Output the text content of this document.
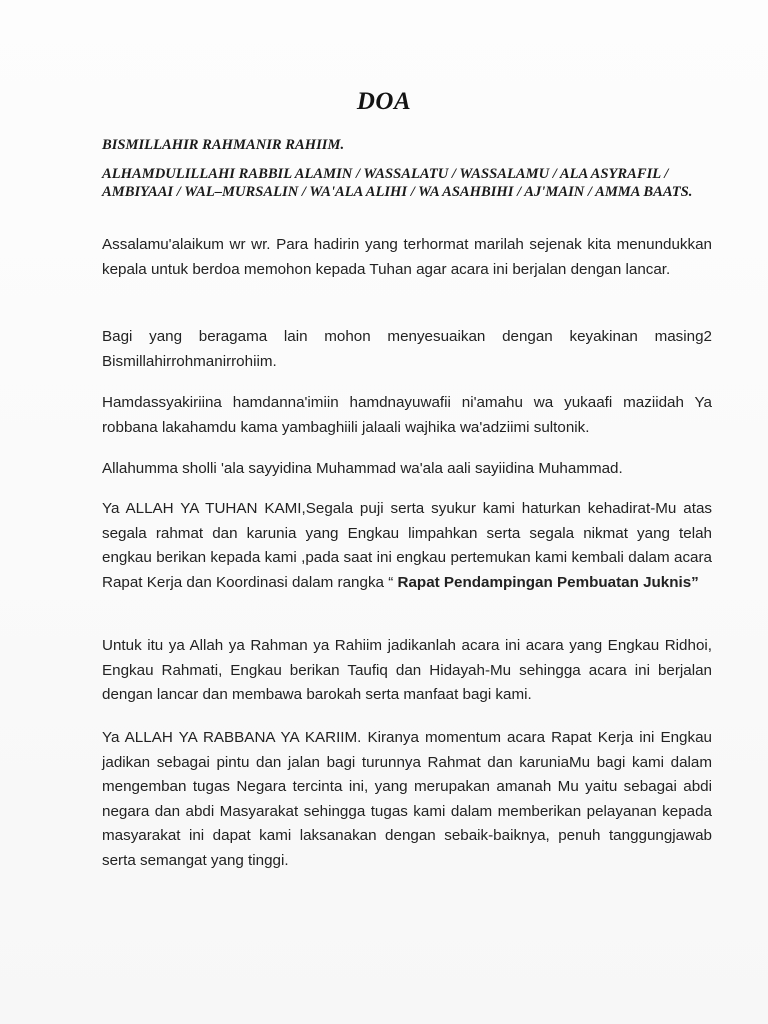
DOA
BISMILLAHIR RAHMANIR RAHIIM.
ALHAMDULILLAHI RABBIL ALAMIN / WASSALATU / WASSALAMU / ALA ASYRAFIL / AMBIYAAI / WAL–MURSALIN / WA'ALA ALIHI / WA ASAHBIHI / AJ'MAIN / AMMA BAATS.
Assalamu'alaikum wr wr. Para hadirin yang terhormat marilah sejenak kita menundukkan kepala untuk berdoa memohon kepada Tuhan agar acara ini berjalan dengan lancar.
Bagi yang beragama lain mohon menyesuaikan dengan keyakinan masing2 Bismillahirrohmanirrohiim.
Hamdassyakiriina hamdanna'imiin hamdnayuwafii ni'amahu wa yukaafi maziidah Ya robbana lakahamdu kama yambaghiili jalaali wajhika wa'adziimi sultonik.
Allahumma sholli 'ala sayyidina Muhammad wa'ala aali sayiidina Muhammad.
Ya ALLAH YA TUHAN KAMI,Segala puji serta syukur kami haturkan kehadirat-Mu atas segala rahmat dan karunia yang Engkau limpahkan serta segala nikmat yang telah engkau berikan kepada kami ,pada saat ini engkau pertemukan kami kembali dalam acara Rapat Kerja dan Koordinasi dalam rangka “ Rapat Pendampingan Pembuatan Juknis”
Untuk itu ya Allah ya Rahman ya Rahiim jadikanlah acara ini acara yang Engkau Ridhoi, Engkau Rahmati, Engkau berikan Taufiq dan Hidayah-Mu sehingga acara ini berjalan dengan lancar dan membawa barokah serta manfaat bagi kami.
Ya ALLAH YA RABBANA YA KARIIM. Kiranya momentum acara Rapat Kerja ini Engkau jadikan sebagai pintu dan jalan bagi turunnya Rahmat dan karuniaMu bagi kami dalam mengemban tugas Negara tercinta ini, yang merupakan amanah Mu yaitu sebagai abdi negara dan abdi Masyarakat sehingga tugas kami dalam memberikan pelayanan kepada masyarakat ini dapat kami laksanakan dengan sebaik-baiknya, penuh tanggungjawab serta semangat yang tinggi.
